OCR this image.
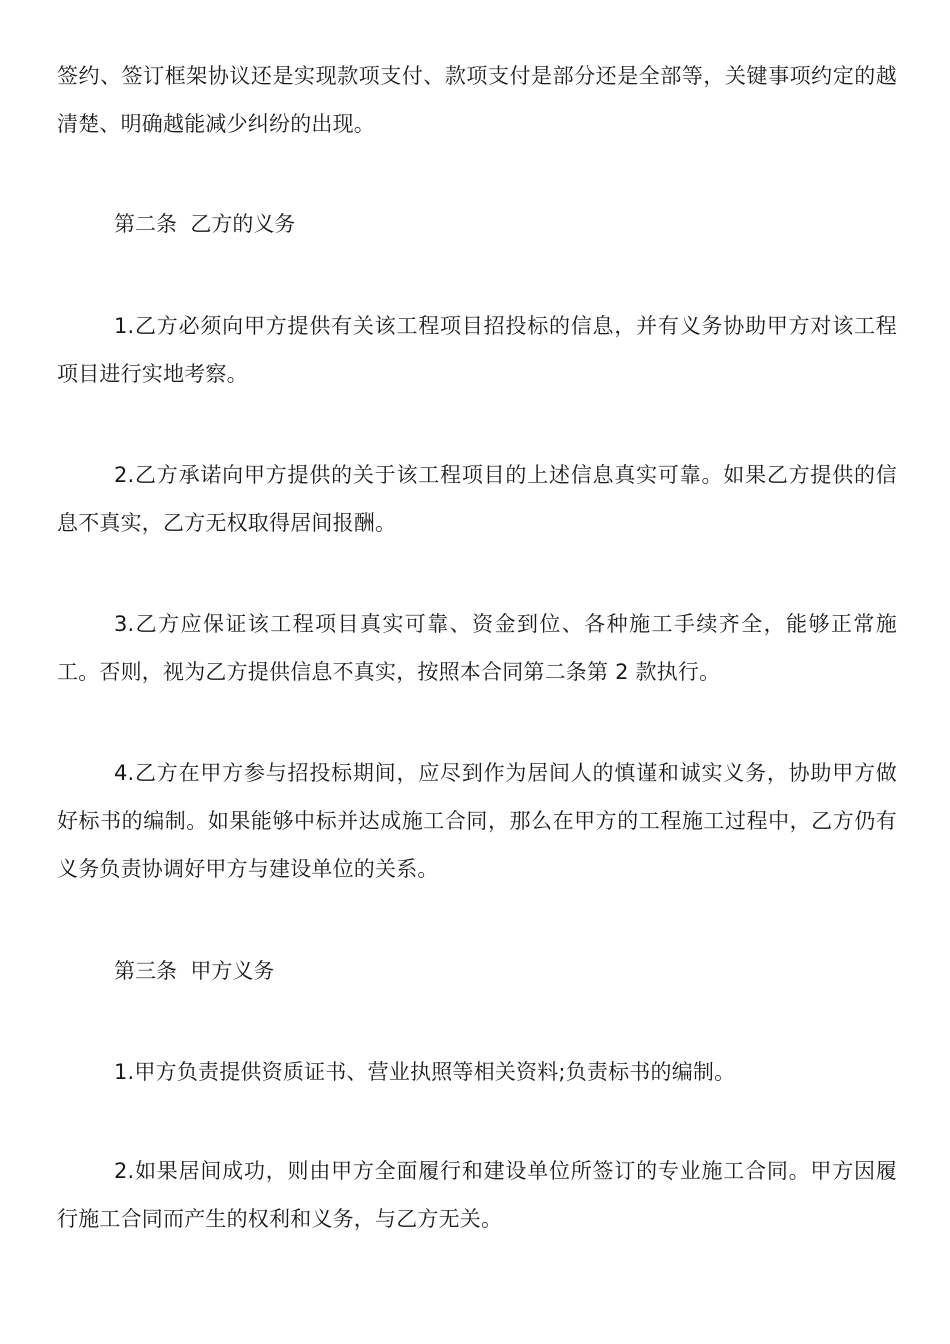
签约、签订框架协议还是实现款项支付、款项支付是部分还是全部等，关键事项约定的越清楚、明确越能减少纠纷的出现。

第二条  乙方的义务

1.乙方必须向甲方提供有关该工程项目招投标的信息，并有义务协助甲方对该工程项目进行实地考察。

2.乙方承诺向甲方提供的关于该工程项目的上述信息真实可靠。如果乙方提供的信息不真实，乙方无权取得居间报酬。

3.乙方应保证该工程项目真实可靠、资金到位、各种施工手续齐全，能够正常施工。否则，视为乙方提供信息不真实，按照本合同第二条第 2 款执行。

4.乙方在甲方参与招投标期间，应尽到作为居间人的慎谨和诚实义务，协助甲方做好标书的编制。如果能够中标并达成施工合同，那么在甲方的工程施工过程中，乙方仍有义务负责协调好甲方与建设单位的关系。

第三条  甲方义务

1.甲方负责提供资质证书、营业执照等相关资料;负责标书的编制。

2.如果居间成功，则由甲方全面履行和建设单位所签订的专业施工合同。甲方因履行施工合同而产生的权利和义务，与乙方无关。
